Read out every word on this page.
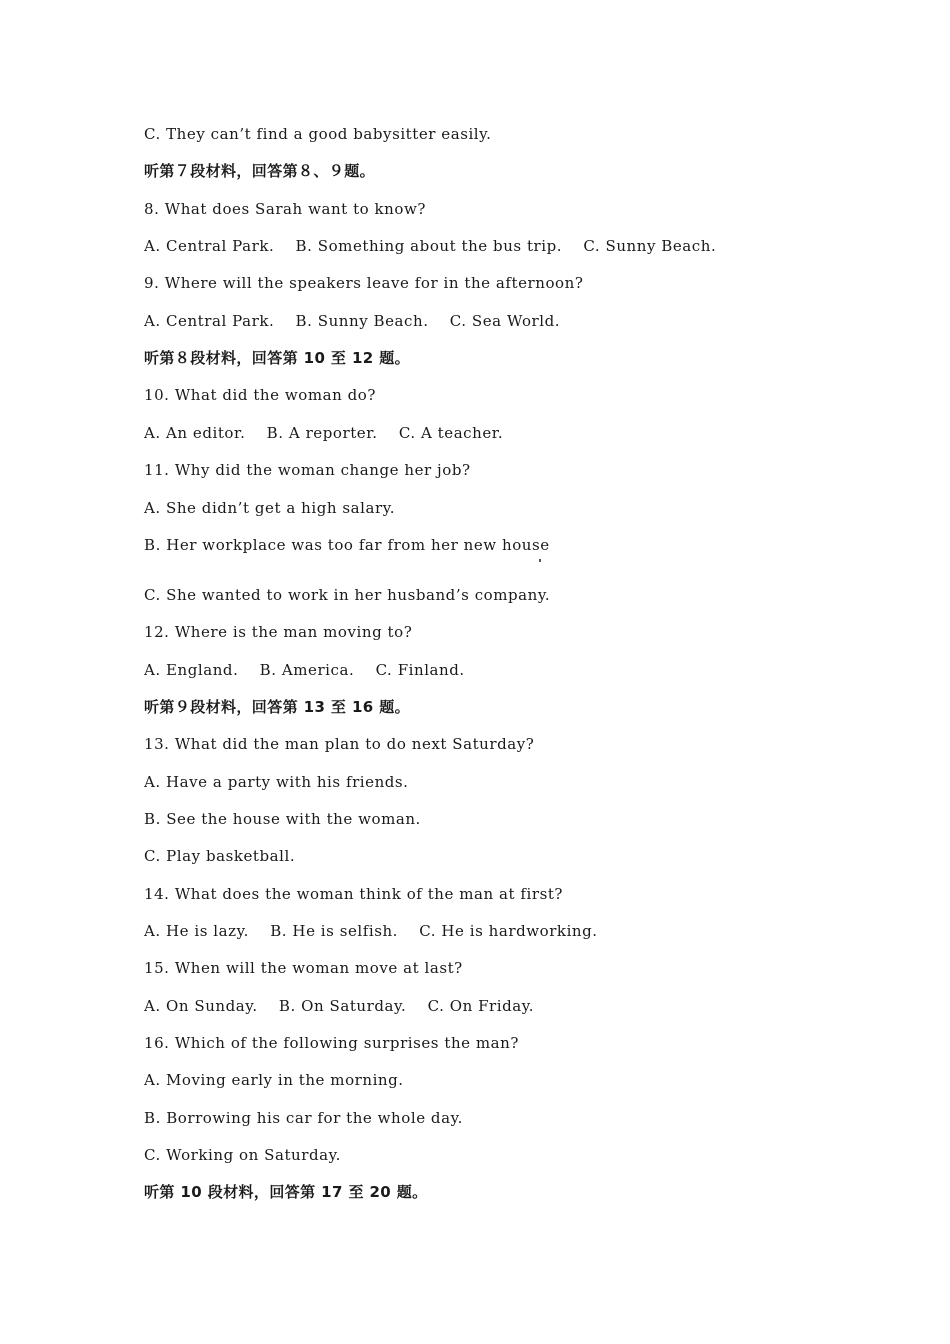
C. They can’t find a good babysitter easily.
听第７段材料，回答第８、９题。
8. What does Sarah want to know?
A. Central Park.    B. Something about the bus trip.    C. Sunny Beach.
9. Where will the speakers leave for in the afternoon?
A. Central Park.    B. Sunny Beach.    C. Sea World.
听第８段材料，回答第 10 至 12 题。
10. What did the woman do?
A. An editor.    B. A reporter.    C. A teacher.
11. Why did the woman change her job?
A. She didn’t get a high salary.
B. Her workplace was too far from her new house
C. She wanted to work in her husband’s company.
12. Where is the man moving to?
A. England.    B. America.    C. Finland.
听第９段材料，回答第 13 至 16 题。
13. What did the man plan to do next Saturday?
A. Have a party with his friends.
B. See the house with the woman.
C. Play basketball.
14. What does the woman think of the man at first?
A. He is lazy.    B. He is selfish.    C. He is hardworking.
15. When will the woman move at last?
A. On Sunday.    B. On Saturday.    C. On Friday.
16. Which of the following surprises the man?
A. Moving early in the morning.
B. Borrowing his car for the whole day.
C. Working on Saturday.
听第 10 段材料，回答第 17 至 20 题。
